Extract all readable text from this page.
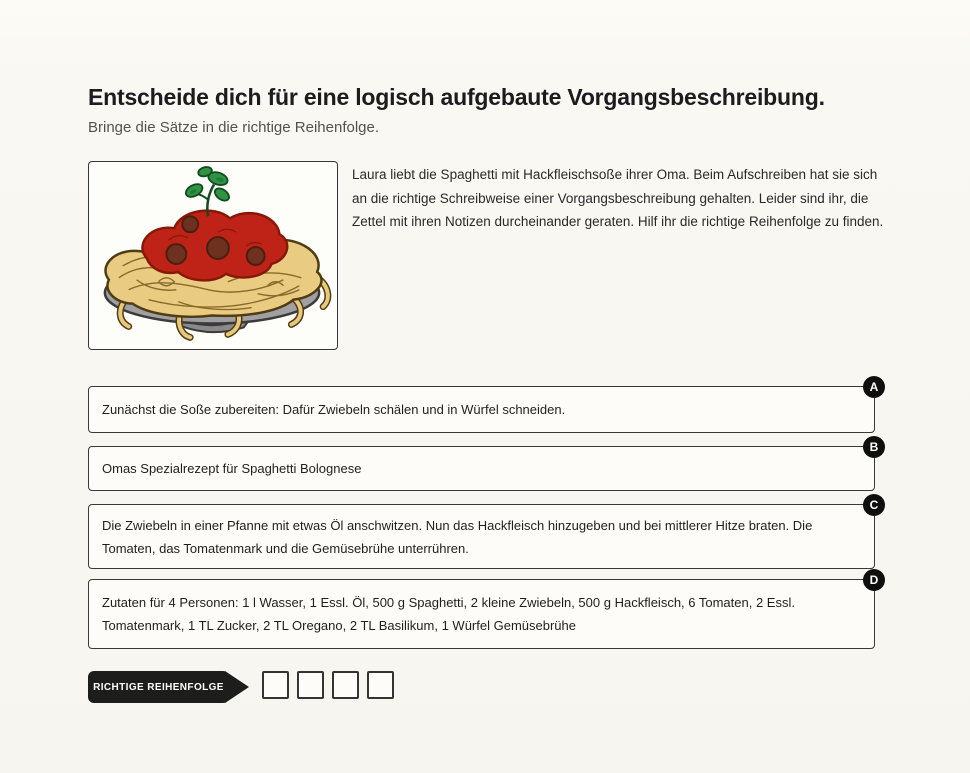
Entscheide dich für eine logisch aufgebaute Vorgangsbeschreibung.

Bringe die Sätze in die richtige Reihenfolge.

Laura liebt die Spaghetti mit Hackfleischsoße ihrer Oma. Beim Aufschreiben hat sie sich an die richtige Schreibweise einer Vorgangsbeschreibung gehalten. Leider sind ihr, die Zettel mit ihren Notizen durcheinander geraten. Hilf ihr die richtige Reihenfolge zu finden.

Zunächst die Soße zubereiten: Dafür Zwiebeln schälen und in Würfel schneiden.
A
Omas Spezialrezept für Spaghetti Bolognese
B
Die Zwiebeln in einer Pfanne mit etwas Öl anschwitzen. Nun das Hackfleisch hinzugeben und bei mittlerer Hitze braten. Die Tomaten, das Tomatenmark und die Gemüsebrühe unterrühren.
C
Zutaten für 4 Personen: 1 l Wasser, 1 Essl. Öl, 500 g Spaghetti, 2 kleine Zwiebeln, 500 g Hackfleisch, 6 Tomaten, 2 Essl. Tomatenmark, 1 TL Zucker, 2 TL Oregano, 2 TL Basilikum, 1 Würfel Gemüsebrühe
D
RICHTIGE REIHENFOLGE
